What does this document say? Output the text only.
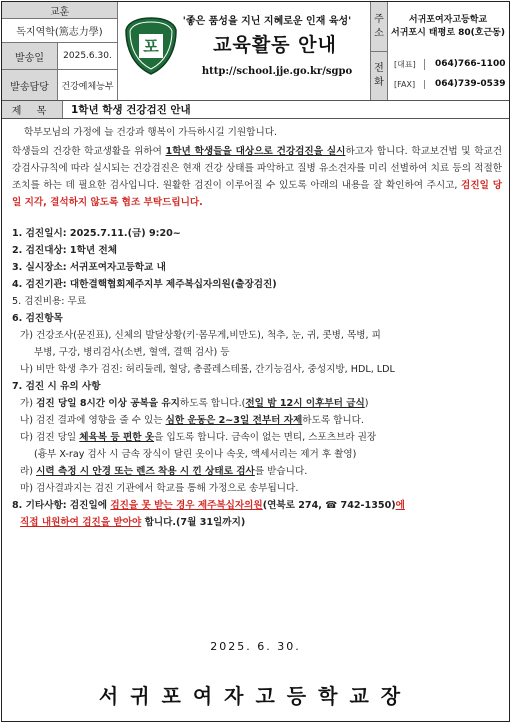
교훈
독지역학(篤志力學)
발송일	2025.6.30.
발송담당	건강예체능부
포
'좋은 품성을 지닌 지혜로운 인재 육성'
교육활동 안내
http://school.jje.go.kr/sgpo
주소
서귀포여자고등학교
서귀포시 태평로 80(호근동)
전화
[대표]	064)766-1100
[FAX]	064)739-0539
제 목	1학년 학생 건강검진 안내
학부모님의 가정에 늘 건강과 행복이 가득하시길 기원합니다.
학생들의 건강한 학교생활을 위하여 1학년 학생들을 대상으로 건강검진을 실시하고자 합니다. 학교보건법 및 학교건강검사규칙에 따라 실시되는 건강검진은 현재 건강 상태를 파악하고 질병 유소견자를 미리 선별하여 치료 등의 적절한 조치를 하는 데 필요한 검사입니다. 원활한 검진이 이루어질 수 있도록 아래의 내용을 잘 확인하여 주시고, 검진일 당일 지각, 결석하지 않도록 협조 부탁드립니다.
1. 검진일시: 2025.7.11.(금) 9:20~
2. 검진대상: 1학년 전체
3. 실시장소: 서귀포여자고등학교 내
4. 검진기관: 대한결핵협회제주지부 제주복십자의원(출장검진)
5. 검진비용: 무료
6. 검진항목
가) 건강조사(문진표), 신체의 발달상황(키·몸무게,비만도), 척추, 눈, 귀, 콧병, 목병, 피
부병, 구강, 병리검사(소변, 혈액, 결핵 검사) 등
나) 비만 학생 추가 검진: 허리둘레, 혈당, 총콜레스테롤, 간기능검사, 중성지방, HDL, LDL
7. 검진 시 유의 사항
가) 검진 당일 8시간 이상 공복을 유지하도록 합니다.(전일 밤 12시 이후부터 금식)
나) 검진 결과에 영향을 줄 수 있는 심한 운동은 2~3일 전부터 자제하도록 합니다.
다) 검진 당일 체육복 등 편한 옷을 입도록 합니다. 금속이 없는 면티, 스포츠브라 권장
(흉부 X-ray 검사 시 금속 장식이 달린 옷이나 속옷, 액세서리는 제거 후 촬영)
라) 시력 측정 시 안경 또는 렌즈 착용 시 낀 상태로 검사를 받습니다.
마) 검사결과지는 검진 기관에서 학교를 통해 가정으로 송부됩니다.
8. 기타사항: 검진일에 검진을 못 받는 경우 제주복십자의원(연북로 274, ☎ 742-1350)에
직접 내원하여 검진을 받아야 합니다.(7월 31일까지)
2025. 6. 30.
서귀포여자고등학교장
